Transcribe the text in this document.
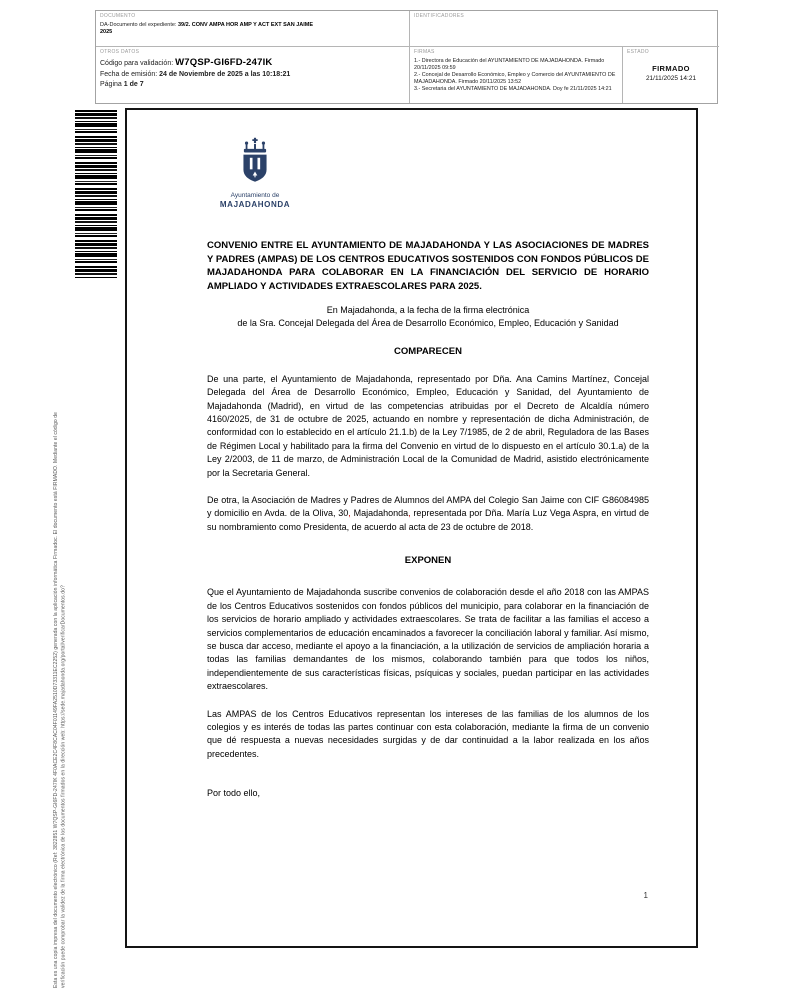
DOCUMENTO
DA-Documento del expediente: 39/2. CONV AMPA HOR AMP Y ACT EXT SAN JAIME 2025
IDENTIFICADORES
OTROS DATOS
Código para validación: W7QSP-GI6FD-247IK
Fecha de emisión: 24 de Noviembre de 2025 a las 10:18:21
Página 1 de 7
FIRMAS
1.- Directora de Educación del AYUNTAMIENTO DE MAJADAHONDA. Firmado 20/11/2025 09:59
2.- Concejal de Desarrollo Económico, Empleo y Comercio del AYUNTAMIENTO DE MAJADAHONDA. Firmado 20/11/2025 13:52
3.- Secretaria del AYUNTAMIENTO DE MAJADAHONDA. Doy fe 21/11/2025 14:21
ESTADO
FIRMADO
21/11/2025 14:21
Esta es una copia impresa del documento electrónico (Ref: 3822851 W7QSP-GI6FD-247IK 4F0ACE2C4F8CAC04F01149FA2510D73311EC2252) generada con la aplicación informática Firmadoc. El documento está FIRMADO. Mediante el código de verificación puede comprobar la validez de la firma electrónica de los documentos firmados en la dirección web: https://sede.majadahonda.org/portal/verificarDocumentos.do?
Ayuntamiento de
MAJADAHONDA
CONVENIO ENTRE EL AYUNTAMIENTO DE MAJADAHONDA Y LAS ASOCIACIONES DE MADRES Y PADRES (AMPAS) DE LOS CENTROS EDUCATIVOS SOSTENIDOS CON FONDOS PÚBLICOS DE MAJADAHONDA PARA COLABORAR EN LA FINANCIACIÓN DEL SERVICIO DE HORARIO AMPLIADO Y ACTIVIDADES EXTRAESCOLARES PARA 2025.
En Majadahonda, a la fecha de la firma electrónica
de la Sra. Concejal Delegada del Área de Desarrollo Económico, Empleo, Educación y Sanidad
COMPARECEN
De una parte, el Ayuntamiento de Majadahonda, representado por Dña. Ana Camins Martínez, Concejal Delegada del Área de Desarrollo Económico, Empleo, Educación y Sanidad, del Ayuntamiento de Majadahonda (Madrid), en virtud de las competencias atribuidas por el Decreto de Alcaldía número 4160/2025, de 31 de octubre de 2025, actuando en nombre y representación de dicha Administración, de conformidad con lo establecido en el artículo 21.1.b) de la Ley 7/1985, de 2 de abril, Reguladora de las Bases de Régimen Local y habilitado para la firma del Convenio en virtud de lo dispuesto en el artículo 30.1.a) de la Ley 2/2003, de 11 de marzo, de Administración Local de la Comunidad de Madrid, asistido electrónicamente por la Secretaria General.
De otra, la Asociación de Madres y Padres de Alumnos del AMPA del Colegio San Jaime con CIF G86084985 y domicilio en Avda. de la Oliva, 30, Majadahonda, representada por Dña. María Luz Vega Aspra, en virtud de su nombramiento como Presidenta, de acuerdo al acta de 23 de octubre de 2018.
EXPONEN
Que el Ayuntamiento de Majadahonda suscribe convenios de colaboración desde el año 2018 con las AMPAS de los Centros Educativos sostenidos con fondos públicos del municipio, para colaborar en la financiación de los servicios de horario ampliado y actividades extraescolares. Se trata de facilitar a las familias el acceso a servicios complementarios de educación encaminados a favorecer la conciliación laboral y familiar. Así mismo, se busca dar acceso, mediante el apoyo a la financiación, a la utilización de servicios de ampliación horaria a todas las familias demandantes de los mismos, colaborando también para que todos los niños, independientemente de sus características físicas, psíquicas y sociales, puedan participar en las actividades extraescolares.
Las AMPAS de los Centros Educativos representan los intereses de las familias de los alumnos de los colegios y es interés de todas las partes continuar con esta colaboración, mediante la firma de un convenio que dé respuesta a nuevas necesidades surgidas y de dar continuidad a la labor realizada en los años precedentes.
Por todo ello,
1
